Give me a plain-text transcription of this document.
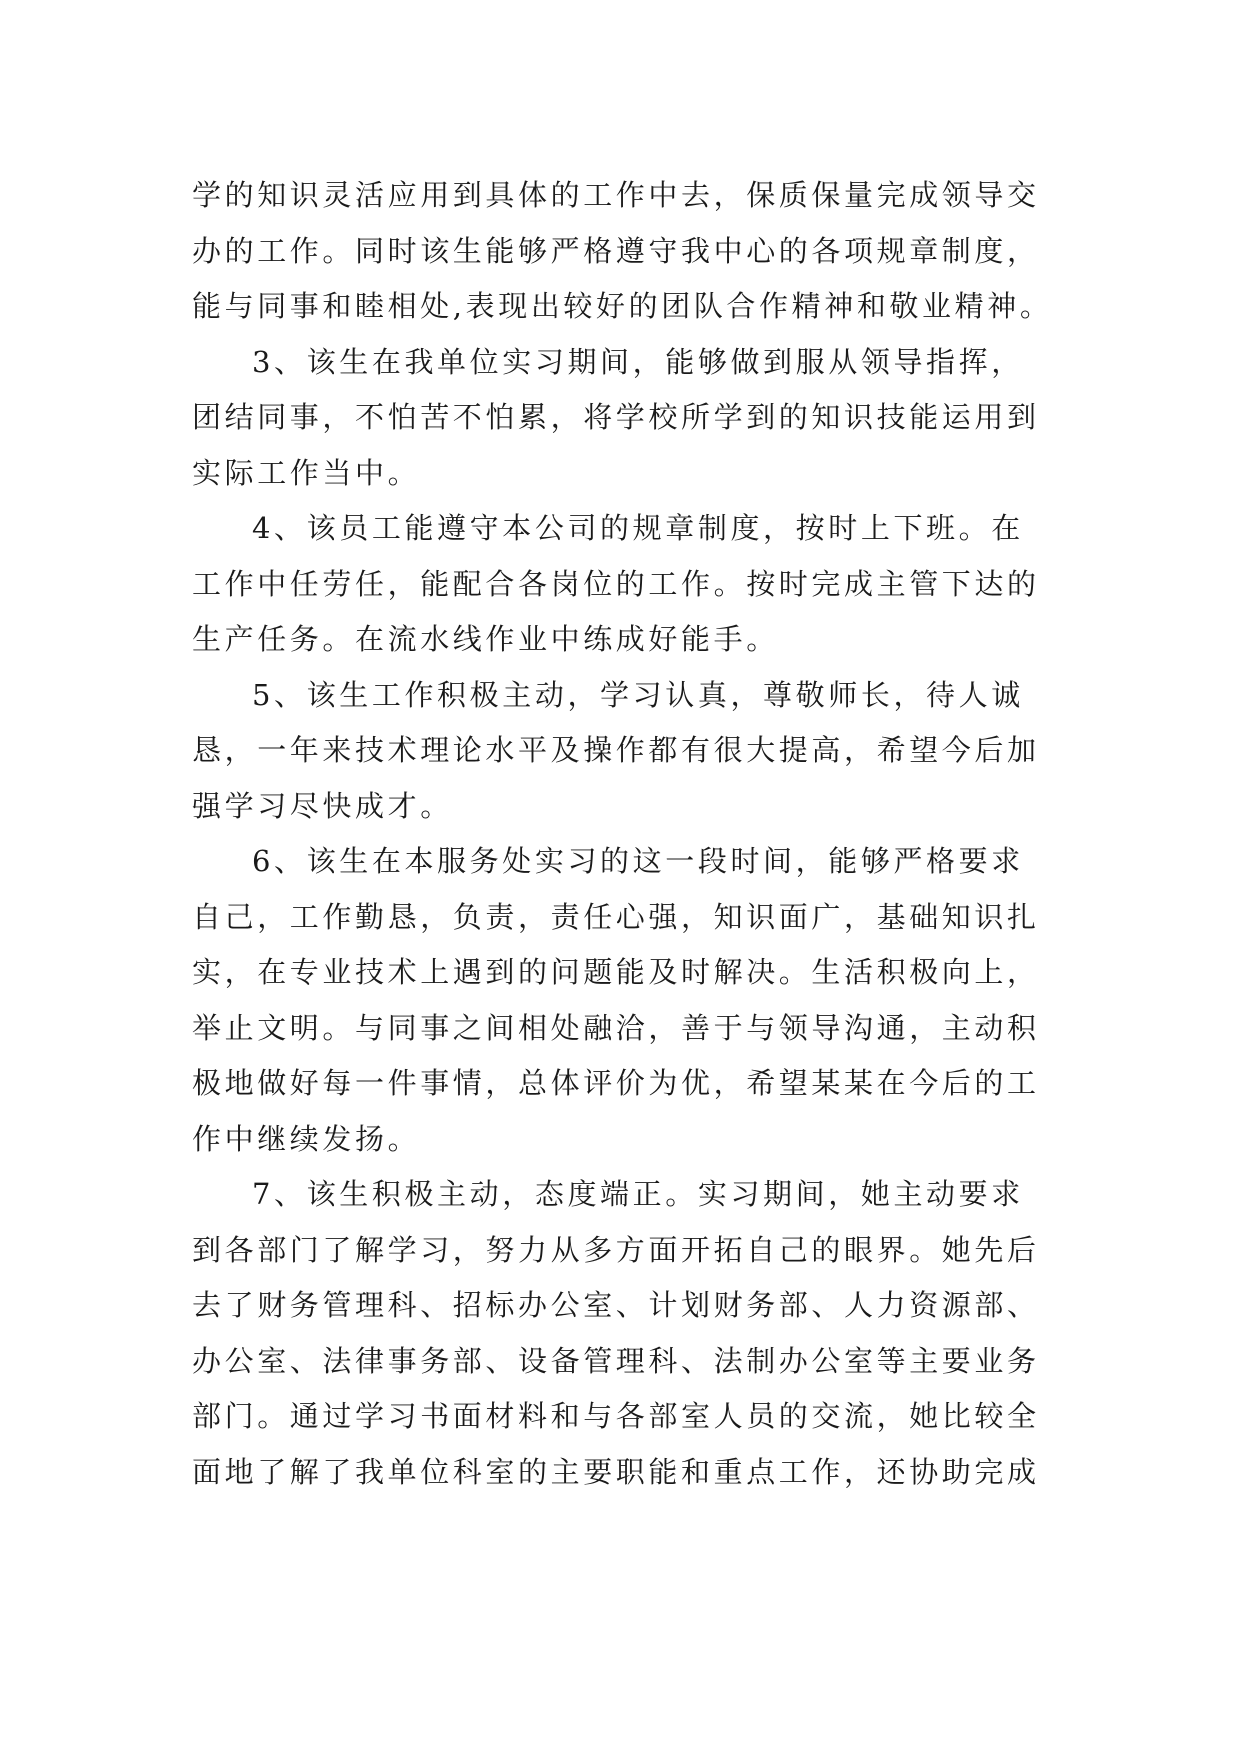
学的知识灵活应用到具体的工作中去，保质保量完成领导交
办的工作。同时该生能够严格遵守我中心的各项规章制度，
能与同事和睦相处,表现出较好的团队合作精神和敬业精神。
3、该生在我单位实习期间，能够做到服从领导指挥，
团结同事，不怕苦不怕累，将学校所学到的知识技能运用到
实际工作当中。
4、该员工能遵守本公司的规章制度，按时上下班。在
工作中任劳任，能配合各岗位的工作。按时完成主管下达的
生产任务。在流水线作业中练成好能手。
5、该生工作积极主动，学习认真，尊敬师长，待人诚
恳，一年来技术理论水平及操作都有很大提高，希望今后加
强学习尽快成才。
6、该生在本服务处实习的这一段时间，能够严格要求
自己，工作勤恳，负责，责任心强，知识面广，基础知识扎
实，在专业技术上遇到的问题能及时解决。生活积极向上，
举止文明。与同事之间相处融洽，善于与领导沟通，主动积
极地做好每一件事情，总体评价为优，希望某某在今后的工
作中继续发扬。
7、该生积极主动，态度端正。实习期间，她主动要求
到各部门了解学习，努力从多方面开拓自己的眼界。她先后
去了财务管理科、招标办公室、计划财务部、人力资源部、
办公室、法律事务部、设备管理科、法制办公室等主要业务
部门。通过学习书面材料和与各部室人员的交流，她比较全
面地了解了我单位科室的主要职能和重点工作，还协助完成
